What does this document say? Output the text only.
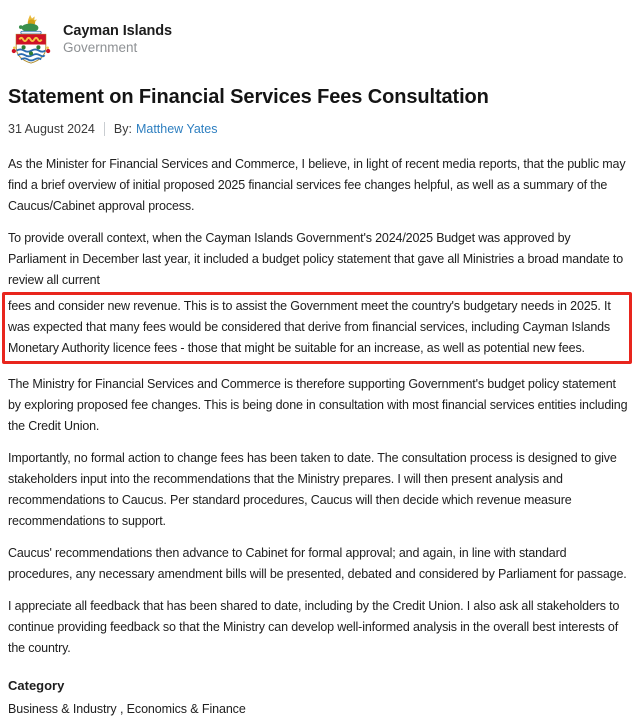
Cayman Islands
Government
Statement on Financial Services Fees Consultation
31 August 2024 By: Matthew Yates

As the Minister for Financial Services and Commerce, I believe, in light of recent media reports, that the public may find a brief overview of initial proposed 2025 financial services fee changes helpful, as well as a summary of the Caucus/Cabinet approval process.

To provide overall context, when the Cayman Islands Government's 2024/2025 Budget was approved by Parliament in December last year, it included a budget policy statement that gave all Ministries a broad mandate to review all current

fees and consider new revenue. This is to assist the Government meet the country's budgetary needs in 2025. It was expected that many fees would be considered that derive from financial services, including Cayman Islands Monetary Authority licence fees - those that might be suitable for an increase, as well as potential new fees.

The Ministry for Financial Services and Commerce is therefore supporting Government's budget policy statement by exploring proposed fee changes. This is being done in consultation with most financial services entities including the Credit Union.

Importantly, no formal action to change fees has been taken to date. The consultation process is designed to give stakeholders input into the recommendations that the Ministry prepares. I will then present analysis and recommendations to Caucus. Per standard procedures, Caucus will then decide which revenue measure recommendations to support.

Caucus' recommendations then advance to Cabinet for formal approval; and again, in line with standard procedures, any necessary amendment bills will be presented, debated and considered by Parliament for passage.

I appreciate all feedback that has been shared to date, including by the Credit Union. I also ask all stakeholders to continue providing feedback so that the Ministry can develop well-informed analysis in the overall best interests of the country.

Category
Business & Industry , Economics & Finance
